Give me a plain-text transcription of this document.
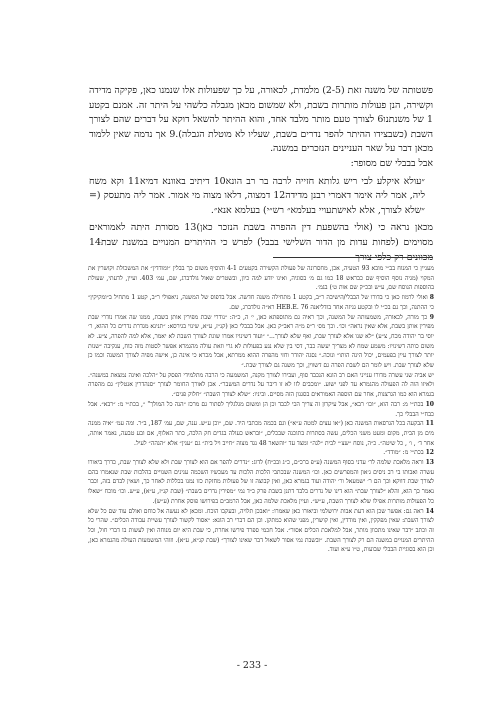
פשטותה של משנה זאת (2-5) מלמדת, לכאורה, על כך שפעולות אלו שנמנו כאן, פקיקה מדידה וקשירה, הנן פעולות מותרות בשבת, ולא שמשום מכאן מגבלה כלשהי על היתר זה. אמנם בקטע 1 של משנתנו6 לצורך טעם מותר מלבד אחד, והוא ההיתר להשאל דוקא על דברים שהם לצורך השבת (כשבצידו ההיתר להפר נדרים בשבת, שעליו לא מוטלת הגבלה).9 אך נדמה שאין ללמוד מכאן דבר על שאר העניינים הנזכרים במשנה.

אבל בבבלי שם מסופר:

״עולא איקלע לבי ריש גלותא חזייה לרבה בר רב הונא10 דיתיב באוונא דמיא11 וקא משח ליה, אמר ליה אימר דאמרי רבנן מדידה12 דמצוה, דלאו מצוה מי אמור. אמר ליה מתעסק (= ״שלא לצורך, אלא לאישתעויי בעלמא״ רש״י) בעלמא אנא״.

מכאן נראה כי (אולי בהשפעת דין ההפרה בשבת הנזכר כאן)13 מסורת היתה לאמוראים מסוימים (לפחות עדות מן הדור השלישי בבבל) לפרש כי ההיתרים המנויים במשנת שבת14 מכוונים רק כלפי צורך

מעניין כי המנוח בב״י מובא 93 הטעיה, אכן, מחסרונה של פעולת הקשירה בקטעים 4-1 והוסיף משום כך בבלין ״ומודדין״ את המשכולת וקושרין את המקוי (מגיה נוסף הוסיף שם כבראש 18 כמו גם מ׳ בסוגיה, ואינו יודע למה כיון, ובשטרים שאול גולדברג, שם, עמ׳ 403. ועיין, לדעתי, שעולת בהוספות הנוסח שם, ע״ש ובכ״ק שם אות ט׳) בגמ׳.

8 ואולי לרמוז כאן כי בדורו של הבבלי/הישיבה ר״ב, בקטע 1 מתחילה משנה חדשה. אבל בדפוס של המשנה, ניאפולי ר״ב, קטע 1 מתחיל ב״ומקיקין״ כי ההתנה, וכך גם בכ״י לו ובקטע גניזה אחד בודליאנה 76 .HEB.E רא״ה גולדברג, שם.

9 כך מורה, לכאורה, משמעותה של המשנה, וכך ראיה גם מתוספתא כאן, י׳ ה, כ״ה: ״נודרי שבת מפירין אותן בשבת, ממנו שה אמרו נודרי שבת מפירין אותן בשבת, אלא שאין נראה״ וכו׳. וכך מס׳ ר״פ מ״ה ראב״ק כאן. אבל בבבלי כאן (קנ״ז, ע״א, שינוי בגירסא: ״תנינא מגדרת נדרים כל ההוא, ר׳ יוסי בר יהודה מכח, צ״ע) ״לא שנו אלא לצורך שבת, ואף שלא לצורך...״ ״ועוד דשינויו אמרו שוגת לצורך השבת לא יאמר, אלא למה להפרה, צ״ע. לא משום כותה דשינויו: משמע שמח לא מצריך יעשה כבר, דסי בין שלא נגע בפעולות לא גרי וזאת עולה מהגמרא אפשר לסטות מזה כוח, ענקיבה ״שנות יותר לצורך עיין בפעמים, יכול הינה הותו״ ונוכה.״ נסגה יהודר וחזי מהפרה ההוא ממרתא, אבל מכרא כי אינה כן, אישה מפיה לצורך המשנה וכמו כן שלא לצורך שבת. ויש לומר הם לשבת הפרה גם דשווין, וכך משנה גם לצורך שבת.״

יש אביה שני עשרה מדורו ענייני האם רב הונא הנכבד סוף, ועבירו לצורך מקנה, המשמעה כי הרבה מתלמידי הפסק על ״הלכה ואינה נמצאת במשנה״. ולאיזו הוה לה הפעולה מהגמרא עד לפני ישוע. ״ומכבים לזו לא זו דיבר על נדרים המשבר״. אכן לאורך החומר לצורך ״סנהדרין אנטלין״ גם מהפרה בגמרא הוא כמו הגרצנות, אחר עם הוספה האמוראים בסגנון הזה מסיים. וביניו: ״שלא לצורך השבת״ ״חלוק פנים״.

10 בכת״י מ: רבה הוא, ״וכו׳ רבא״, אבל עיקרון זה צריך הכי לכבד וכן הן ומשום מגלגליך לסתור גם מרכז ״הנה כל המולך" ״, בכת״י מ: ״רבא״. אבל כבח״י הבבלי כך.

11 הבקעה בכל הגרסאות המשנה כאן (״או עצים למטה ע״א״) וגם בכמה מכתבי היד. שם, ״וכן ע״ש. ענה, שם, עמ׳ 187, ב״ר. ומה עמ׳ ״איה ממנה מים מן הבית, מקום ומעט משני הכלים, עשה בסתרות בתוכנה שבכלים, ״ובראש כעולה בגדים חק הלכה, כתר האלוף, אם ובע טבעה, נאמר אותה, אחר ד׳ , ו׳ , כל שיטה״. כ״ה, נוסח ״שצ׳״ לבית ״לגה״ ומצד עד ״והשאר 48 נגד מצוה ״חייב ויל בית״ גם ״ענין״ אלא ״הגהה״ לעיל.

12 בכת״י מ: ״מודד״.

13 וראה מלאכת שלמה לר׳ עדני בסוף המשנה (ע״פ ברכ״ם, כ״ג ובכ״ח) לדוג: ״נדרים להפר אם הוא לצורך שבת ולא שלא לצורך שבת, כדרך ביאורו עשרה ואבותו בי רב ניסים ג׳און והמפרשים כאן. וכו׳ המשנה שבכתבי הלכות הלכות עד מעכשיו השכמה ענינים השנויים בהלכות שבת שנאמרו בהם לצורך שבת דווקא וכך הם ר׳ ישמעאל ור׳ יהודה ועוד בגמרא כאן, ואין קבוצה זו של פעולות מחזקת כזו נמנו בכללות לאחר כך, ושאין לבדם בזה, וכבר נאמר כך הוא, והלא ״לצורך שבת״ הוא דינו של נדרים בלבד דתנן בשבת פרק כ״ד נמי ״מפירין נדרים בשבת״ (שבת קנ״ז, ע״א), ע״ש. וכו׳ מוכח ״שאלו כל הפעולות מותרות אפילו שלא לצורך השבת, ע״ש״. ועיין מלאכת שלמה כאן, אבל הרמב״ם בפירושו פוסק אחרת (ע״ש).

14 ראה גם: אפשר שכן הוא דעת אבות ירושלמי וביאורו כאן שאמרו: ״ואבכן תלויה, ובעקבו הוכח. ומכאן לא נעשה אל כוחם ואולם עוד שם כל שלא לצורך השבת: שאין מפקקין, ואין מודדין, ואין קושרין, מפני שהוא כמתקן. וכן הם דברי רב הונא: ״אסור לקשור לצורך עשיית עבודה הכלים״. שהרי כל זה וכתב ״דבר שאינו מתכוון מותר, אבל למלאכת הכלים אסור״. אבל חכמי ספרד פירשו אחרת, כי שבת היא יום מנוחה ואין לעשות בו דברי חול, וכל ההיתרים המנויים במשנה הם רק לצורך השבת. ״ובשבת נמי אסור לשאול דבר שאינו לצורך״ (שבת קנ״א, ע״א). וזוהי המשמעות העולה מהגמרא כאן, וכן הוא בסוגיית הבבלי שבועות, ט״ו ע״א ועוד.

- 233 -
